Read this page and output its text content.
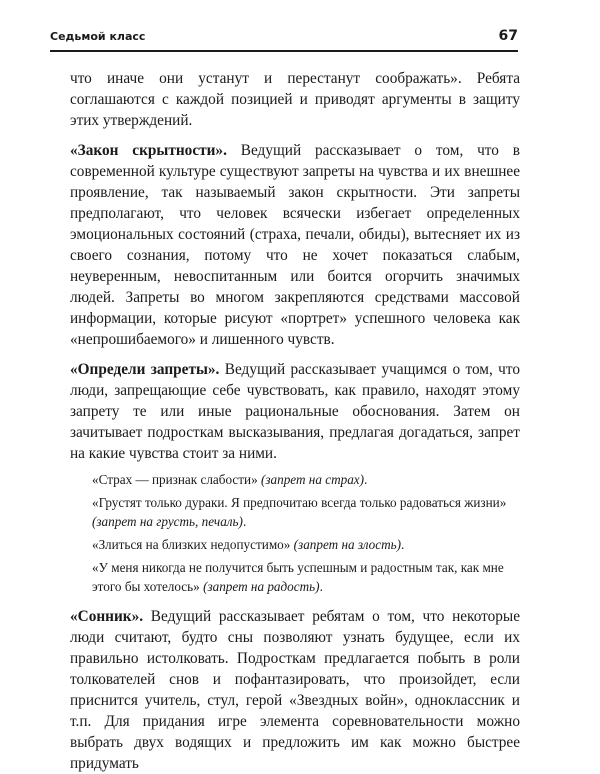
Седьмой класс	67

что иначе они устанут и перестанут соображать». Ребята соглашаются с каждой позицией и приводят аргументы в защиту этих утверждений.

«Закон скрытности». Ведущий рассказывает о том, что в современной культуре существуют запреты на чувства и их внешнее проявление, так называемый закон скрытности. Эти запреты предполагают, что человек всячески избегает определенных эмоциональных состояний (страха, печали, обиды), вытесняет их из своего сознания, потому что не хочет показаться слабым, неуверенным, невоспитанным или боится огорчить значимых людей. Запреты во многом закрепляются средствами массовой информации, которые рисуют «портрет» успешного человека как «непрошибаемого» и лишенного чувств.

«Определи запреты». Ведущий рассказывает учащимся о том, что люди, запрещающие себе чувствовать, как правило, находят этому запрету те или иные рациональные обоснования. Затем он зачитывает подросткам высказывания, предлагая догадаться, запрет на какие чувства стоит за ними.

«Страх — признак слабости» (запрет на страх).

«Грустят только дураки. Я предпочитаю всегда только радоваться жизни» (запрет на грусть, печаль).

«Злиться на близких недопустимо» (запрет на злость).

«У меня никогда не получится быть успешным и радостным так, как мне этого бы хотелось» (запрет на радость).

«Сонник». Ведущий рассказывает ребятам о том, что некоторые люди считают, будто сны позволяют узнать будущее, если их правильно истолковать. Подросткам предлагается побыть в роли толкователей снов и пофантазировать, что произойдет, если приснится учитель, стул, герой «Звездных войн», одноклассник и т.п. Для придания игре элемента соревновательности можно выбрать двух водящих и предложить им как можно быстрее придумать
